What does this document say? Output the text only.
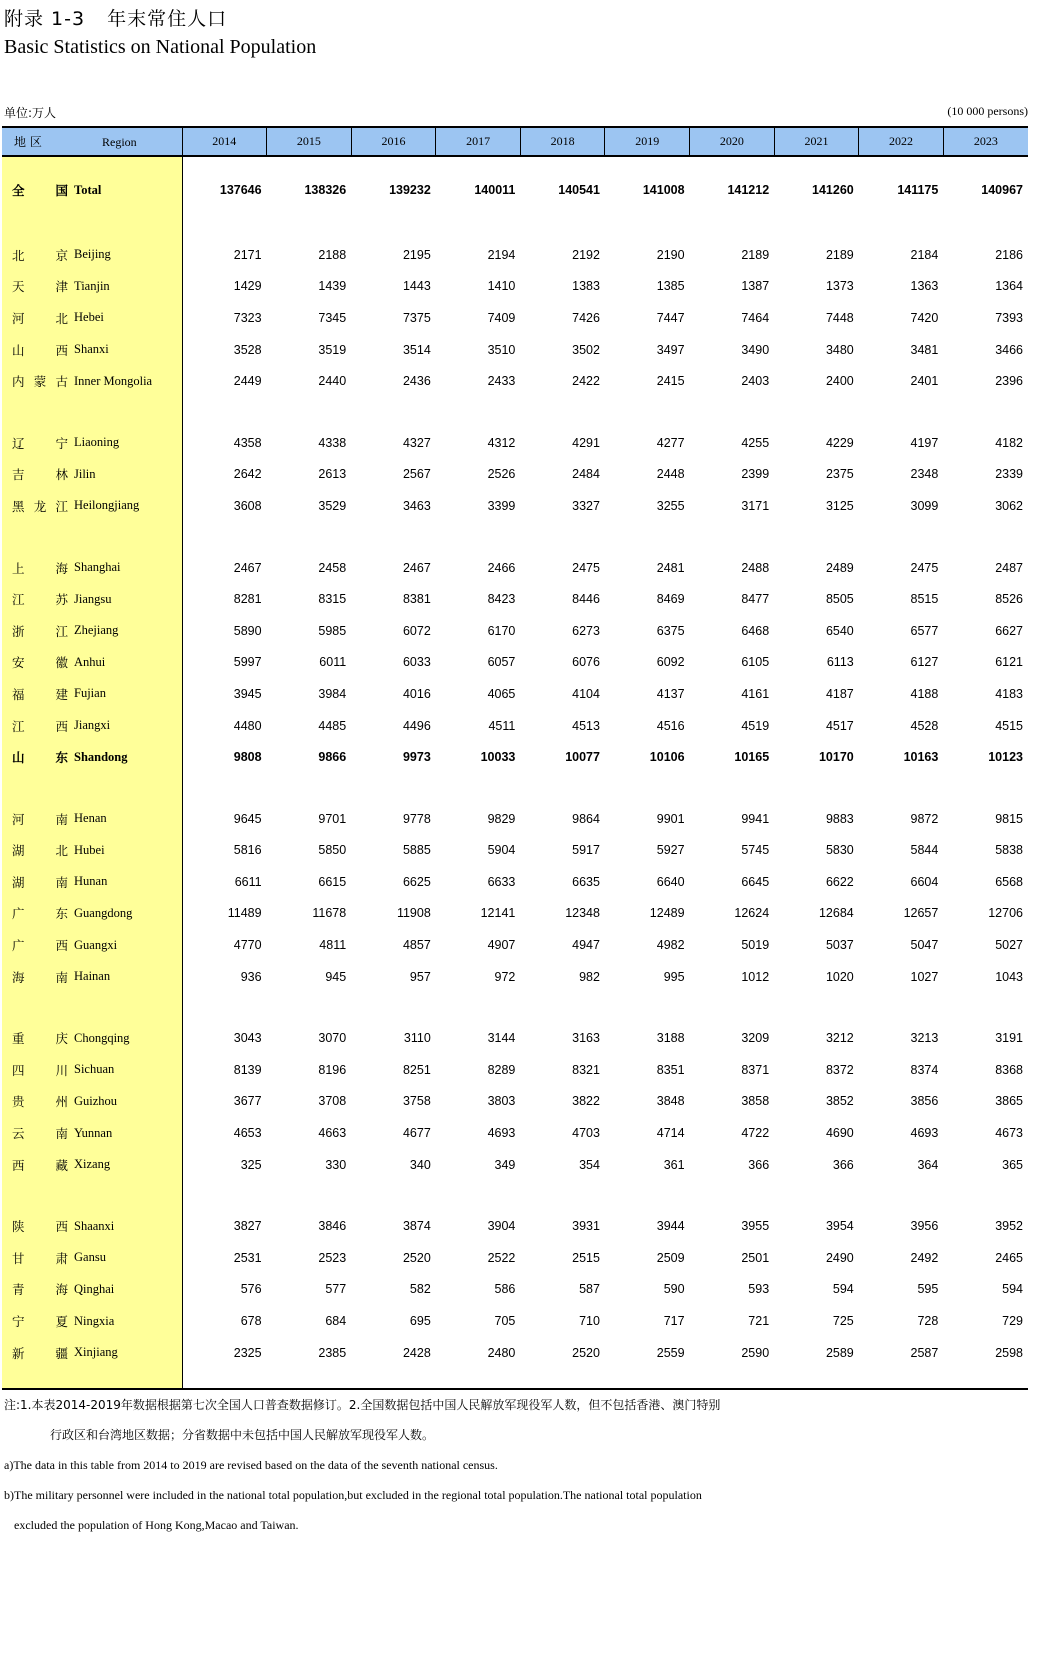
附录 1-3 年末常住人口
Basic Statistics on National Population
单位:万人	(10 000 persons)
地 区 Region	2014	2015	2016	2017	2018	2019	2020	2021	2022	2023

全国 Total	137646	138326	139232	140011	140541	141008	141212	141260	141175	140967

北京 Beijing	2171	2188	2195	2194	2192	2190	2189	2189	2184	2186
天津 Tianjin	1429	1439	1443	1410	1383	1385	1387	1373	1363	1364
河北 Hebei	7323	7345	7375	7409	7426	7447	7464	7448	7420	7393
山西 Shanxi	3528	3519	3514	3510	3502	3497	3490	3480	3481	3466
内蒙古 Inner Mongolia	2449	2440	2436	2433	2422	2415	2403	2400	2401	2396

辽宁 Liaoning	4358	4338	4327	4312	4291	4277	4255	4229	4197	4182
吉林 Jilin	2642	2613	2567	2526	2484	2448	2399	2375	2348	2339
黑龙江 Heilongjiang	3608	3529	3463	3399	3327	3255	3171	3125	3099	3062

上海 Shanghai	2467	2458	2467	2466	2475	2481	2488	2489	2475	2487
江苏 Jiangsu	8281	8315	8381	8423	8446	8469	8477	8505	8515	8526
浙江 Zhejiang	5890	5985	6072	6170	6273	6375	6468	6540	6577	6627
安徽 Anhui	5997	6011	6033	6057	6076	6092	6105	6113	6127	6121
福建 Fujian	3945	3984	4016	4065	4104	4137	4161	4187	4188	4183
江西 Jiangxi	4480	4485	4496	4511	4513	4516	4519	4517	4528	4515
山东 Shandong	9808	9866	9973	10033	10077	10106	10165	10170	10163	10123

河南 Henan	9645	9701	9778	9829	9864	9901	9941	9883	9872	9815
湖北 Hubei	5816	5850	5885	5904	5917	5927	5745	5830	5844	5838
湖南 Hunan	6611	6615	6625	6633	6635	6640	6645	6622	6604	6568
广东 Guangdong	11489	11678	11908	12141	12348	12489	12624	12684	12657	12706
广西 Guangxi	4770	4811	4857	4907	4947	4982	5019	5037	5047	5027
海南 Hainan	936	945	957	972	982	995	1012	1020	1027	1043

重庆 Chongqing	3043	3070	3110	3144	3163	3188	3209	3212	3213	3191
四川 Sichuan	8139	8196	8251	8289	8321	8351	8371	8372	8374	8368
贵州 Guizhou	3677	3708	3758	3803	3822	3848	3858	3852	3856	3865
云南 Yunnan	4653	4663	4677	4693	4703	4714	4722	4690	4693	4673
西藏 Xizang	325	330	340	349	354	361	366	366	364	365

陕西 Shaanxi	3827	3846	3874	3904	3931	3944	3955	3954	3956	3952
甘肃 Gansu	2531	2523	2520	2522	2515	2509	2501	2490	2492	2465
青海 Qinghai	576	577	582	586	587	590	593	594	595	594
宁夏 Ningxia	678	684	695	705	710	717	721	725	728	729
新疆 Xinjiang	2325	2385	2428	2480	2520	2559	2590	2589	2587	2598

注:1.本表2014-2019年数据根据第七次全国人口普查数据修订。2.全国数据包括中国人民解放军现役军人数，但不包括香港、澳门特别
行政区和台湾地区数据；分省数据中未包括中国人民解放军现役军人数。
a)The data in this table from 2014 to 2019 are revised based on the data of the seventh national census.
b)The military personnel were included in the national total population,but excluded in the regional total population.The national total population
excluded the population of Hong Kong,Macao and Taiwan.
